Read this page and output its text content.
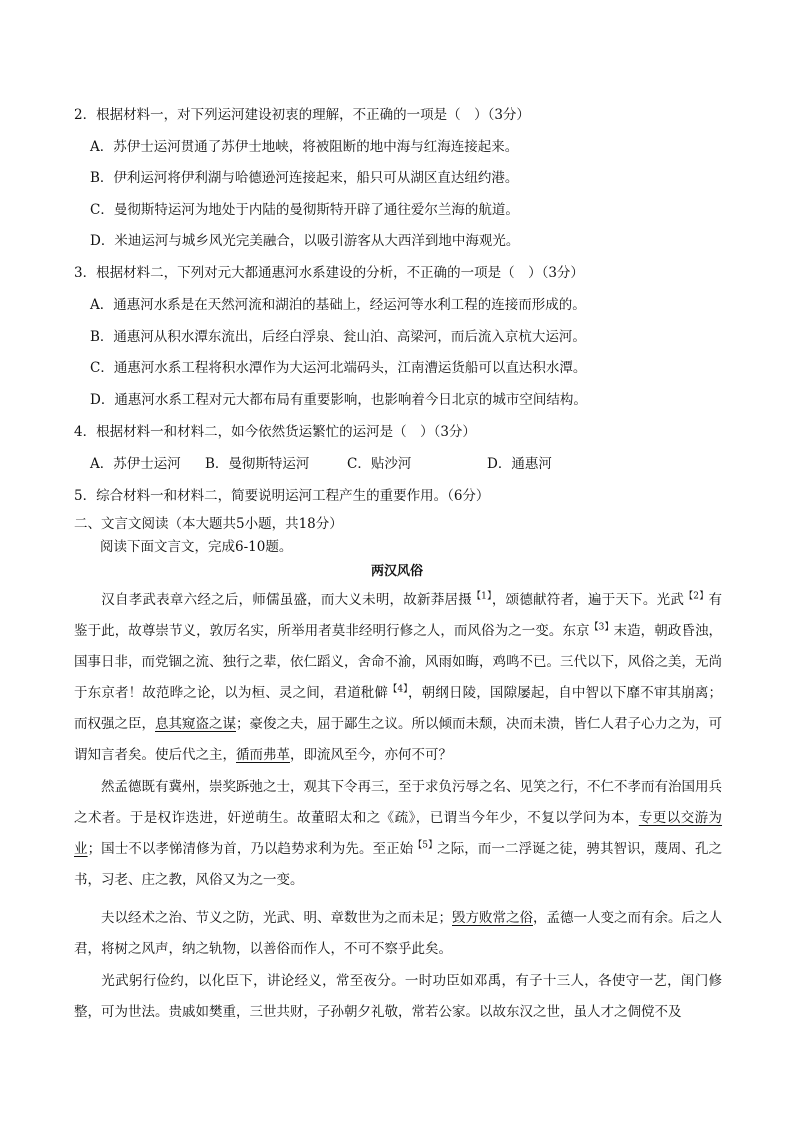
2．根据材料一，对下列运河建设初衷的理解，不正确的一项是（　）（3分）
A．苏伊士运河贯通了苏伊士地峡，将被阻断的地中海与红海连接起来。
B．伊利运河将伊利湖与哈德逊河连接起来，船只可从湖区直达纽约港。
C．曼彻斯特运河为地处于内陆的曼彻斯特开辟了通往爱尔兰海的航道。
D．米迪运河与城乡风光完美融合，以吸引游客从大西洋到地中海观光。
3．根据材料二，下列对元大都通惠河水系建设的分析，不正确的一项是（　）（3分）
A．通惠河水系是在天然河流和湖泊的基础上，经运河等水利工程的连接而形成的。
B．通惠河从积水潭东流出，后经白浮泉、瓮山泊、高梁河，而后流入京杭大运河。
C．通惠河水系工程将积水潭作为大运河北端码头，江南漕运货船可以直达积水潭。
D．通惠河水系工程对元大都布局有重要影响，也影响着今日北京的城市空间结构。
4．根据材料一和材料二，如今依然货运繁忙的运河是（　）（3分）
A．苏伊士运河 B．曼彻斯特运河	C．贴沙河	D．通惠河
5．综合材料一和材料二，简要说明运河工程产生的重要作用。（6分）
二、文言文阅读（本大题共5小题，共18分）
阅读下面文言文，完成6-10题。
两汉风俗
汉自孝武表章六经之后，师儒虽盛，而大义未明，故新莽居摄$^{【1】}$，颂德献符者，遍于天下。光武$^{【2】}$有鉴于此，故尊崇节义，敦厉名实，所举用者莫非经明行修之人，而风俗为之一变。东京$^{【3】}$末造，朝政昏浊，国事日非，而党锢之流、独行之辈，依仁蹈义，舍命不渝，风雨如晦，鸡鸣不已。三代以下，风俗之美，无尚于东京者！故范晔之论，以为桓、灵之间，君道秕僻$^{【4】}$，朝纲日陵，国隙屡起，自中智以下靡不审其崩离；而权强之臣，息其窥盗之谋；豪俊之夫，屈于鄙生之议。所以倾而未颓，决而未溃，皆仁人君子心力之为，可谓知言者矣。使后代之主，循而弗革，即流风至今，亦何不可？
然孟德既有冀州，崇奖跅弛之士，观其下令再三，至于求负污辱之名、见笑之行，不仁不孝而有治国用兵之术者。于是权诈迭进，奸逆萌生。故董昭太和之《疏》，已谓当今年少，不复以学问为本，专更以交游为业；国士不以孝悌清修为首，乃以趋势求利为先。至正始$^{【5】}$之际，而一二浮诞之徒，骋其智识，蔑周、孔之书，习老、庄之教，风俗又为之一变。
夫以经术之治、节义之防，光武、明、章数世为之而未足；毁方败常之俗，孟德一人变之而有余。后之人君，将树之风声，纳之轨物，以善俗而作人，不可不察乎此矣。
光武躬行俭约，以化臣下，讲论经义，常至夜分。一时功臣如邓禹，有子十三人，各使守一艺，闺门修整，可为世法。贵戚如樊重，三世共财，子孙朝夕礼敬，常若公家。以故东汉之世，虽人才之倜傥不及
